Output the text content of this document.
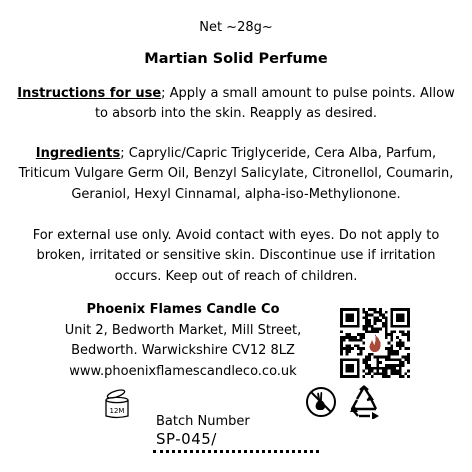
Net ~28g~
Martian Solid Perfume
Instructions for use; Apply a small amount to pulse points. Allow to absorb into the skin. Reapply as desired.
Ingredients; Caprylic/Capric Triglyceride, Cera Alba, Parfum, Triticum Vulgare Germ Oil, Benzyl Salicylate, Citronellol, Coumarin, Geraniol, Hexyl Cinnamal, alpha-iso-Methylionone.
For external use only. Avoid contact with eyes. Do not apply to broken, irritated or sensitive skin. Discontinue use if irritation occurs. Keep out of reach of children.
Phoenix Flames Candle Co
Unit 2, Bedworth Market, Mill Street,
Bedworth. Warwickshire CV12 8LZ
www.phoenixflamescandleco.co.uk
12M
Batch Number
SP-045/
